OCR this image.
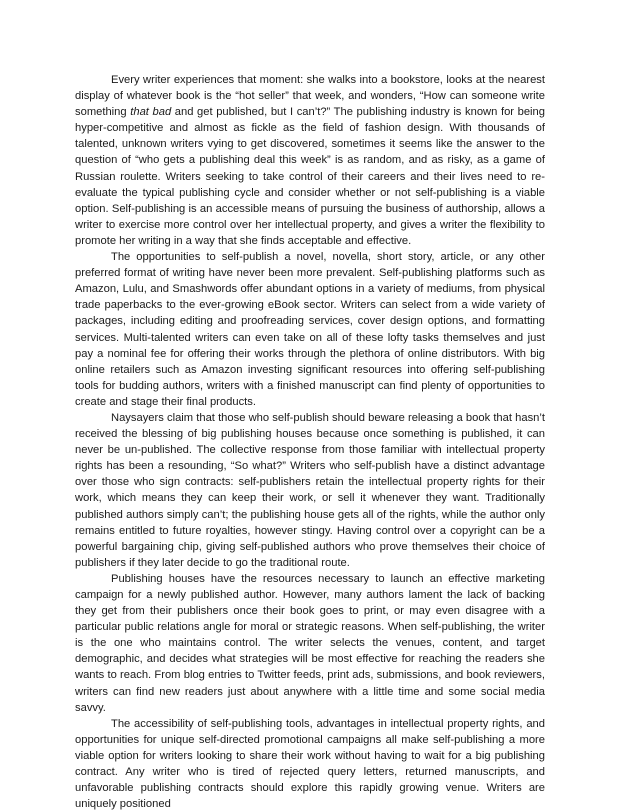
Every writer experiences that moment: she walks into a bookstore, looks at the nearest display of whatever book is the “hot seller” that week, and wonders, “How can someone write something that bad and get published, but I can’t?” The publishing industry is known for being hyper-competitive and almost as fickle as the field of fashion design. With thousands of talented, unknown writers vying to get discovered, sometimes it seems like the answer to the question of “who gets a publishing deal this week” is as random, and as risky, as a game of Russian roulette. Writers seeking to take control of their careers and their lives need to re-evaluate the typical publishing cycle and consider whether or not self-publishing is a viable option. Self-publishing is an accessible means of pursuing the business of authorship, allows a writer to exercise more control over her intellectual property, and gives a writer the flexibility to promote her writing in a way that she finds acceptable and effective.

The opportunities to self-publish a novel, novella, short story, article, or any other preferred format of writing have never been more prevalent. Self-publishing platforms such as Amazon, Lulu, and Smashwords offer abundant options in a variety of mediums, from physical trade paperbacks to the ever-growing eBook sector. Writers can select from a wide variety of packages, including editing and proofreading services, cover design options, and formatting services. Multi-talented writers can even take on all of these lofty tasks themselves and just pay a nominal fee for offering their works through the plethora of online distributors. With big online retailers such as Amazon investing significant resources into offering self-publishing tools for budding authors, writers with a finished manuscript can find plenty of opportunities to create and stage their final products.

Naysayers claim that those who self-publish should beware releasing a book that hasn’t received the blessing of big publishing houses because once something is published, it can never be un-published. The collective response from those familiar with intellectual property rights has been a resounding, “So what?” Writers who self-publish have a distinct advantage over those who sign contracts: self-publishers retain the intellectual property rights for their work, which means they can keep their work, or sell it whenever they want. Traditionally published authors simply can’t; the publishing house gets all of the rights, while the author only remains entitled to future royalties, however stingy. Having control over a copyright can be a powerful bargaining chip, giving self-published authors who prove themselves their choice of publishers if they later decide to go the traditional route.

Publishing houses have the resources necessary to launch an effective marketing campaign for a newly published author. However, many authors lament the lack of backing they get from their publishers once their book goes to print, or may even disagree with a particular public relations angle for moral or strategic reasons. When self-publishing, the writer is the one who maintains control. The writer selects the venues, content, and target demographic, and decides what strategies will be most effective for reaching the readers she wants to reach. From blog entries to Twitter feeds, print ads, submissions, and book reviewers, writers can find new readers just about anywhere with a little time and some social media savvy.

The accessibility of self-publishing tools, advantages in intellectual property rights, and opportunities for unique self-directed promotional campaigns all make self-publishing a more viable option for writers looking to share their work without having to wait for a big publishing contract. Any writer who is tired of rejected query letters, returned manuscripts, and unfavorable publishing contracts should explore this rapidly growing venue. Writers are uniquely positioned
